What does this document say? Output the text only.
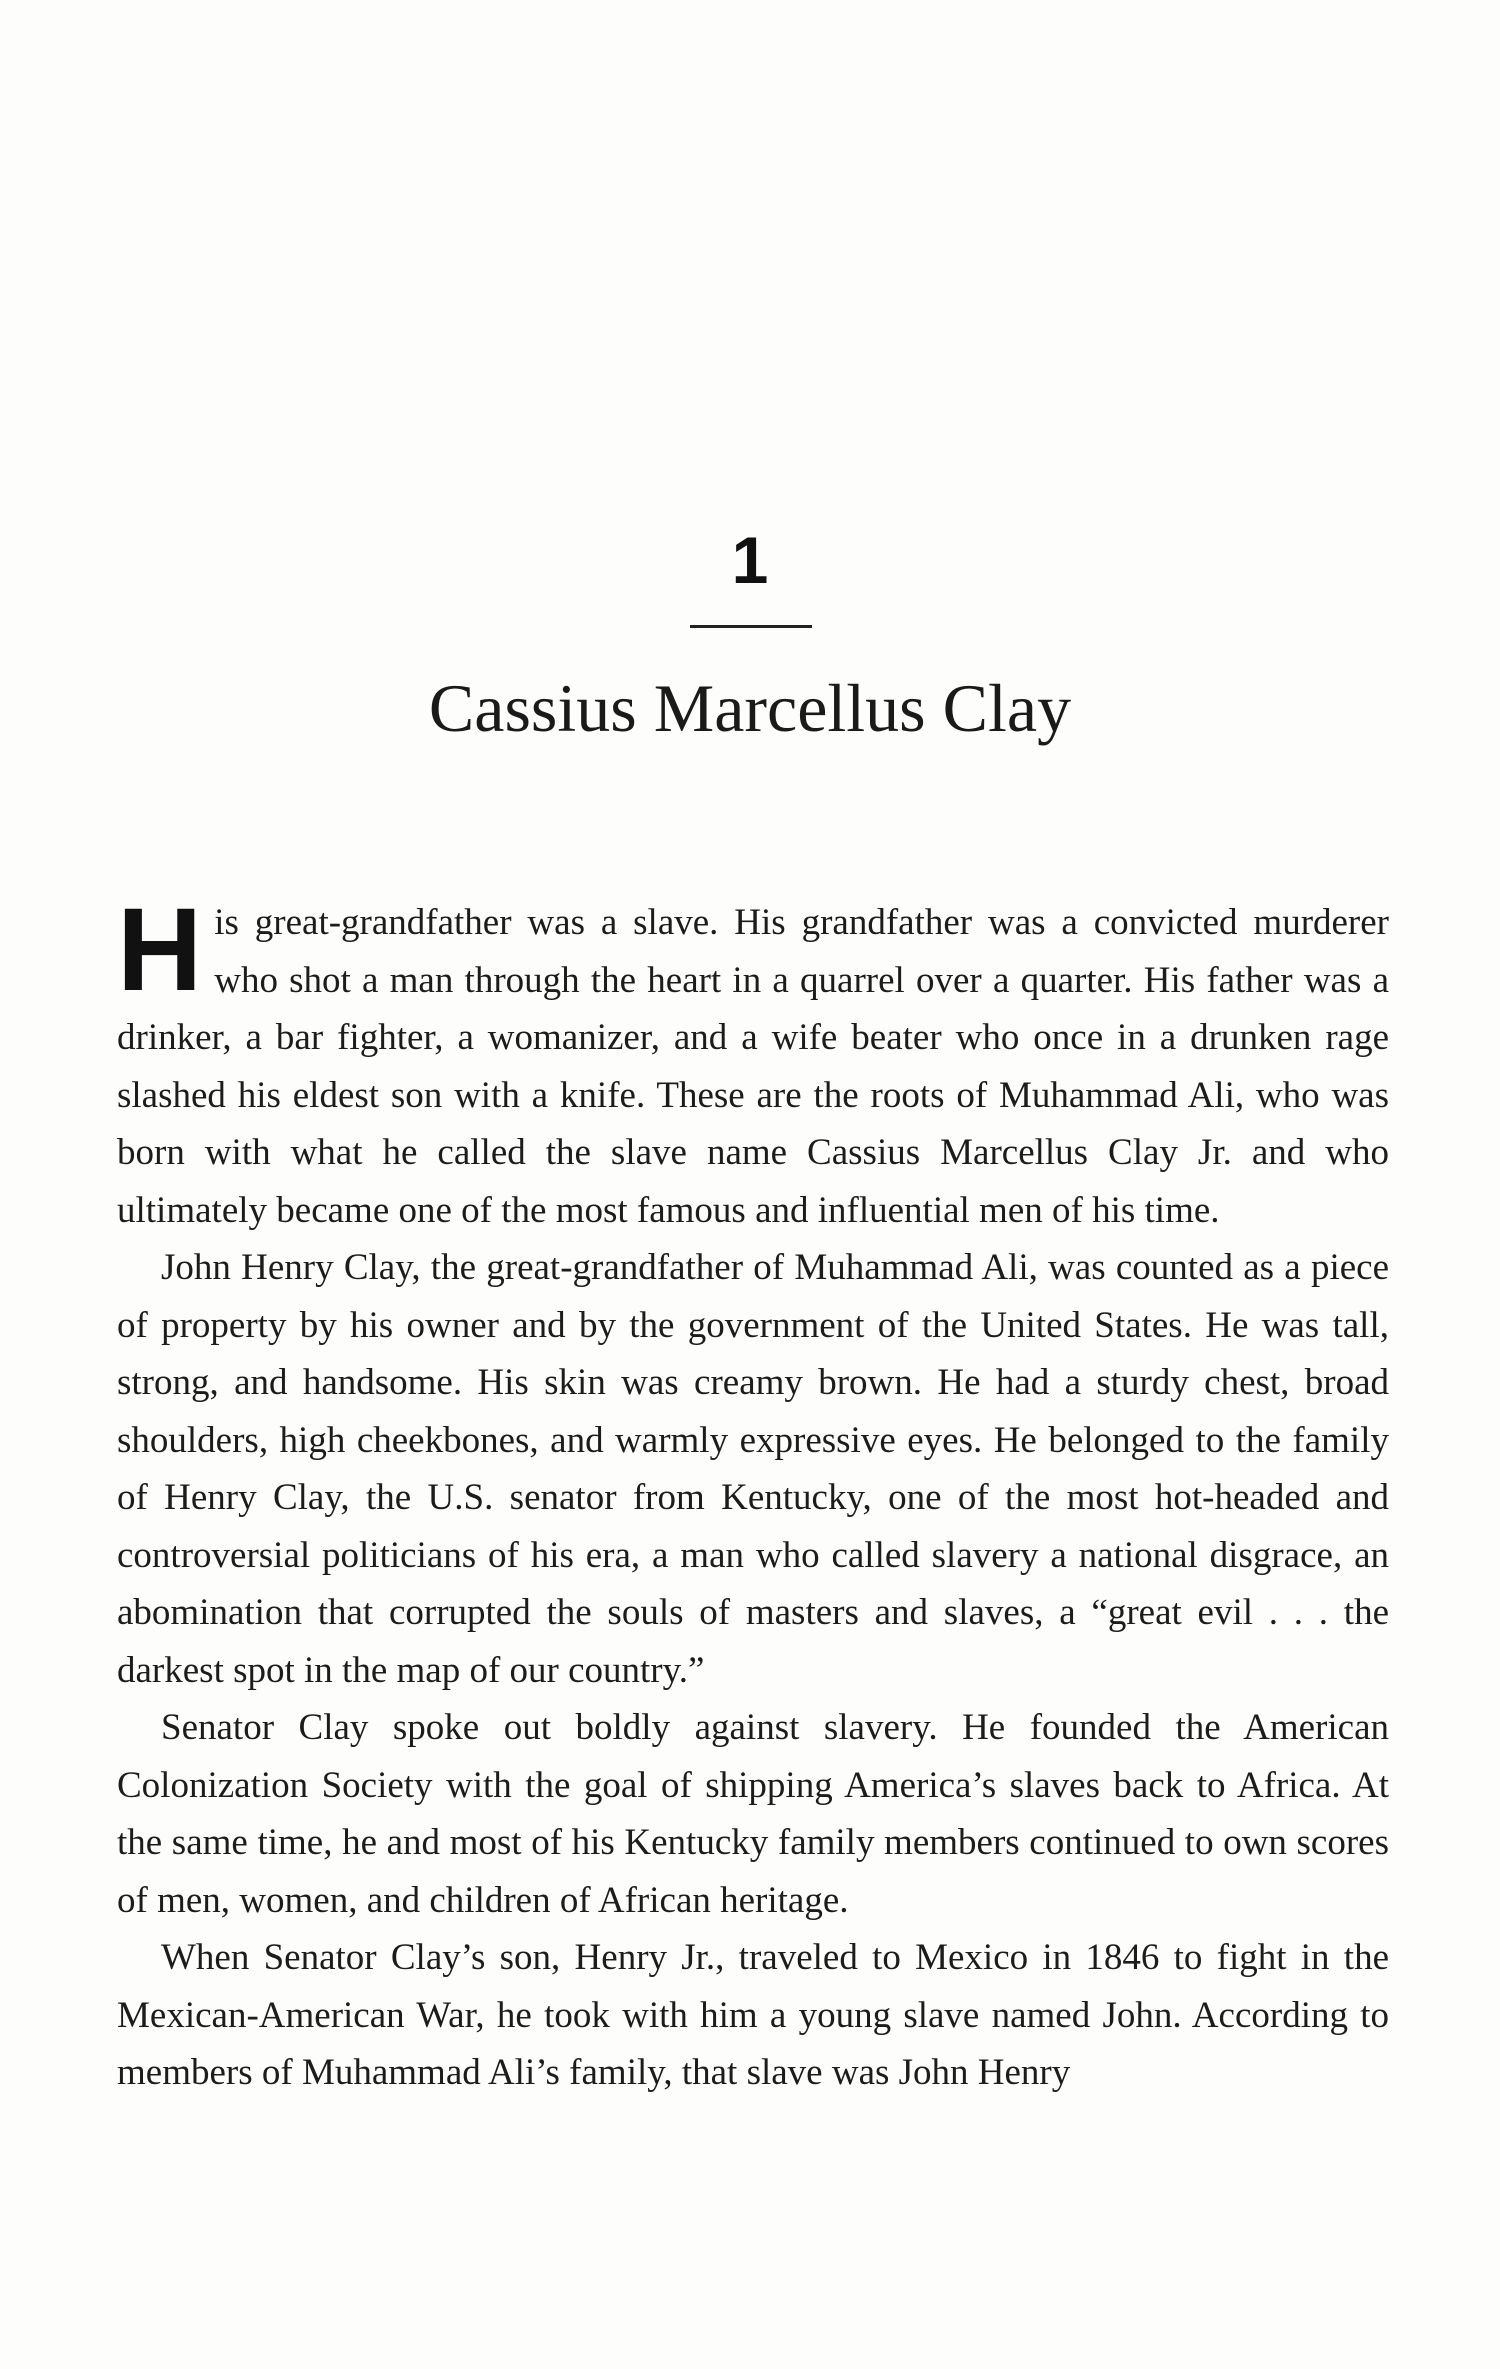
1
Cassius Marcellus Clay

His great-grandfather was a slave. His grandfather was a convicted murderer who shot a man through the heart in a quarrel over a quarter. His father was a drinker, a bar fighter, a womanizer, and a wife beater who once in a drunken rage slashed his eldest son with a knife. These are the roots of Muhammad Ali, who was born with what he called the slave name Cassius Marcellus Clay Jr. and who ultimately became one of the most famous and influential men of his time.

John Henry Clay, the great-grandfather of Muhammad Ali, was counted as a piece of property by his owner and by the government of the United States. He was tall, strong, and handsome. His skin was creamy brown. He had a sturdy chest, broad shoulders, high cheekbones, and warmly expressive eyes. He belonged to the family of Henry Clay, the U.S. senator from Kentucky, one of the most hot-headed and controversial politicians of his era, a man who called slavery a national disgrace, an abomination that corrupted the souls of masters and slaves, a “great evil . . . the darkest spot in the map of our country.”

Senator Clay spoke out boldly against slavery. He founded the American Colonization Society with the goal of shipping America’s slaves back to Africa. At the same time, he and most of his Kentucky family members continued to own scores of men, women, and children of African heritage.

When Senator Clay’s son, Henry Jr., traveled to Mexico in 1846 to fight in the Mexican-American War, he took with him a young slave named John. According to members of Muhammad Ali’s family, that slave was John Henry
